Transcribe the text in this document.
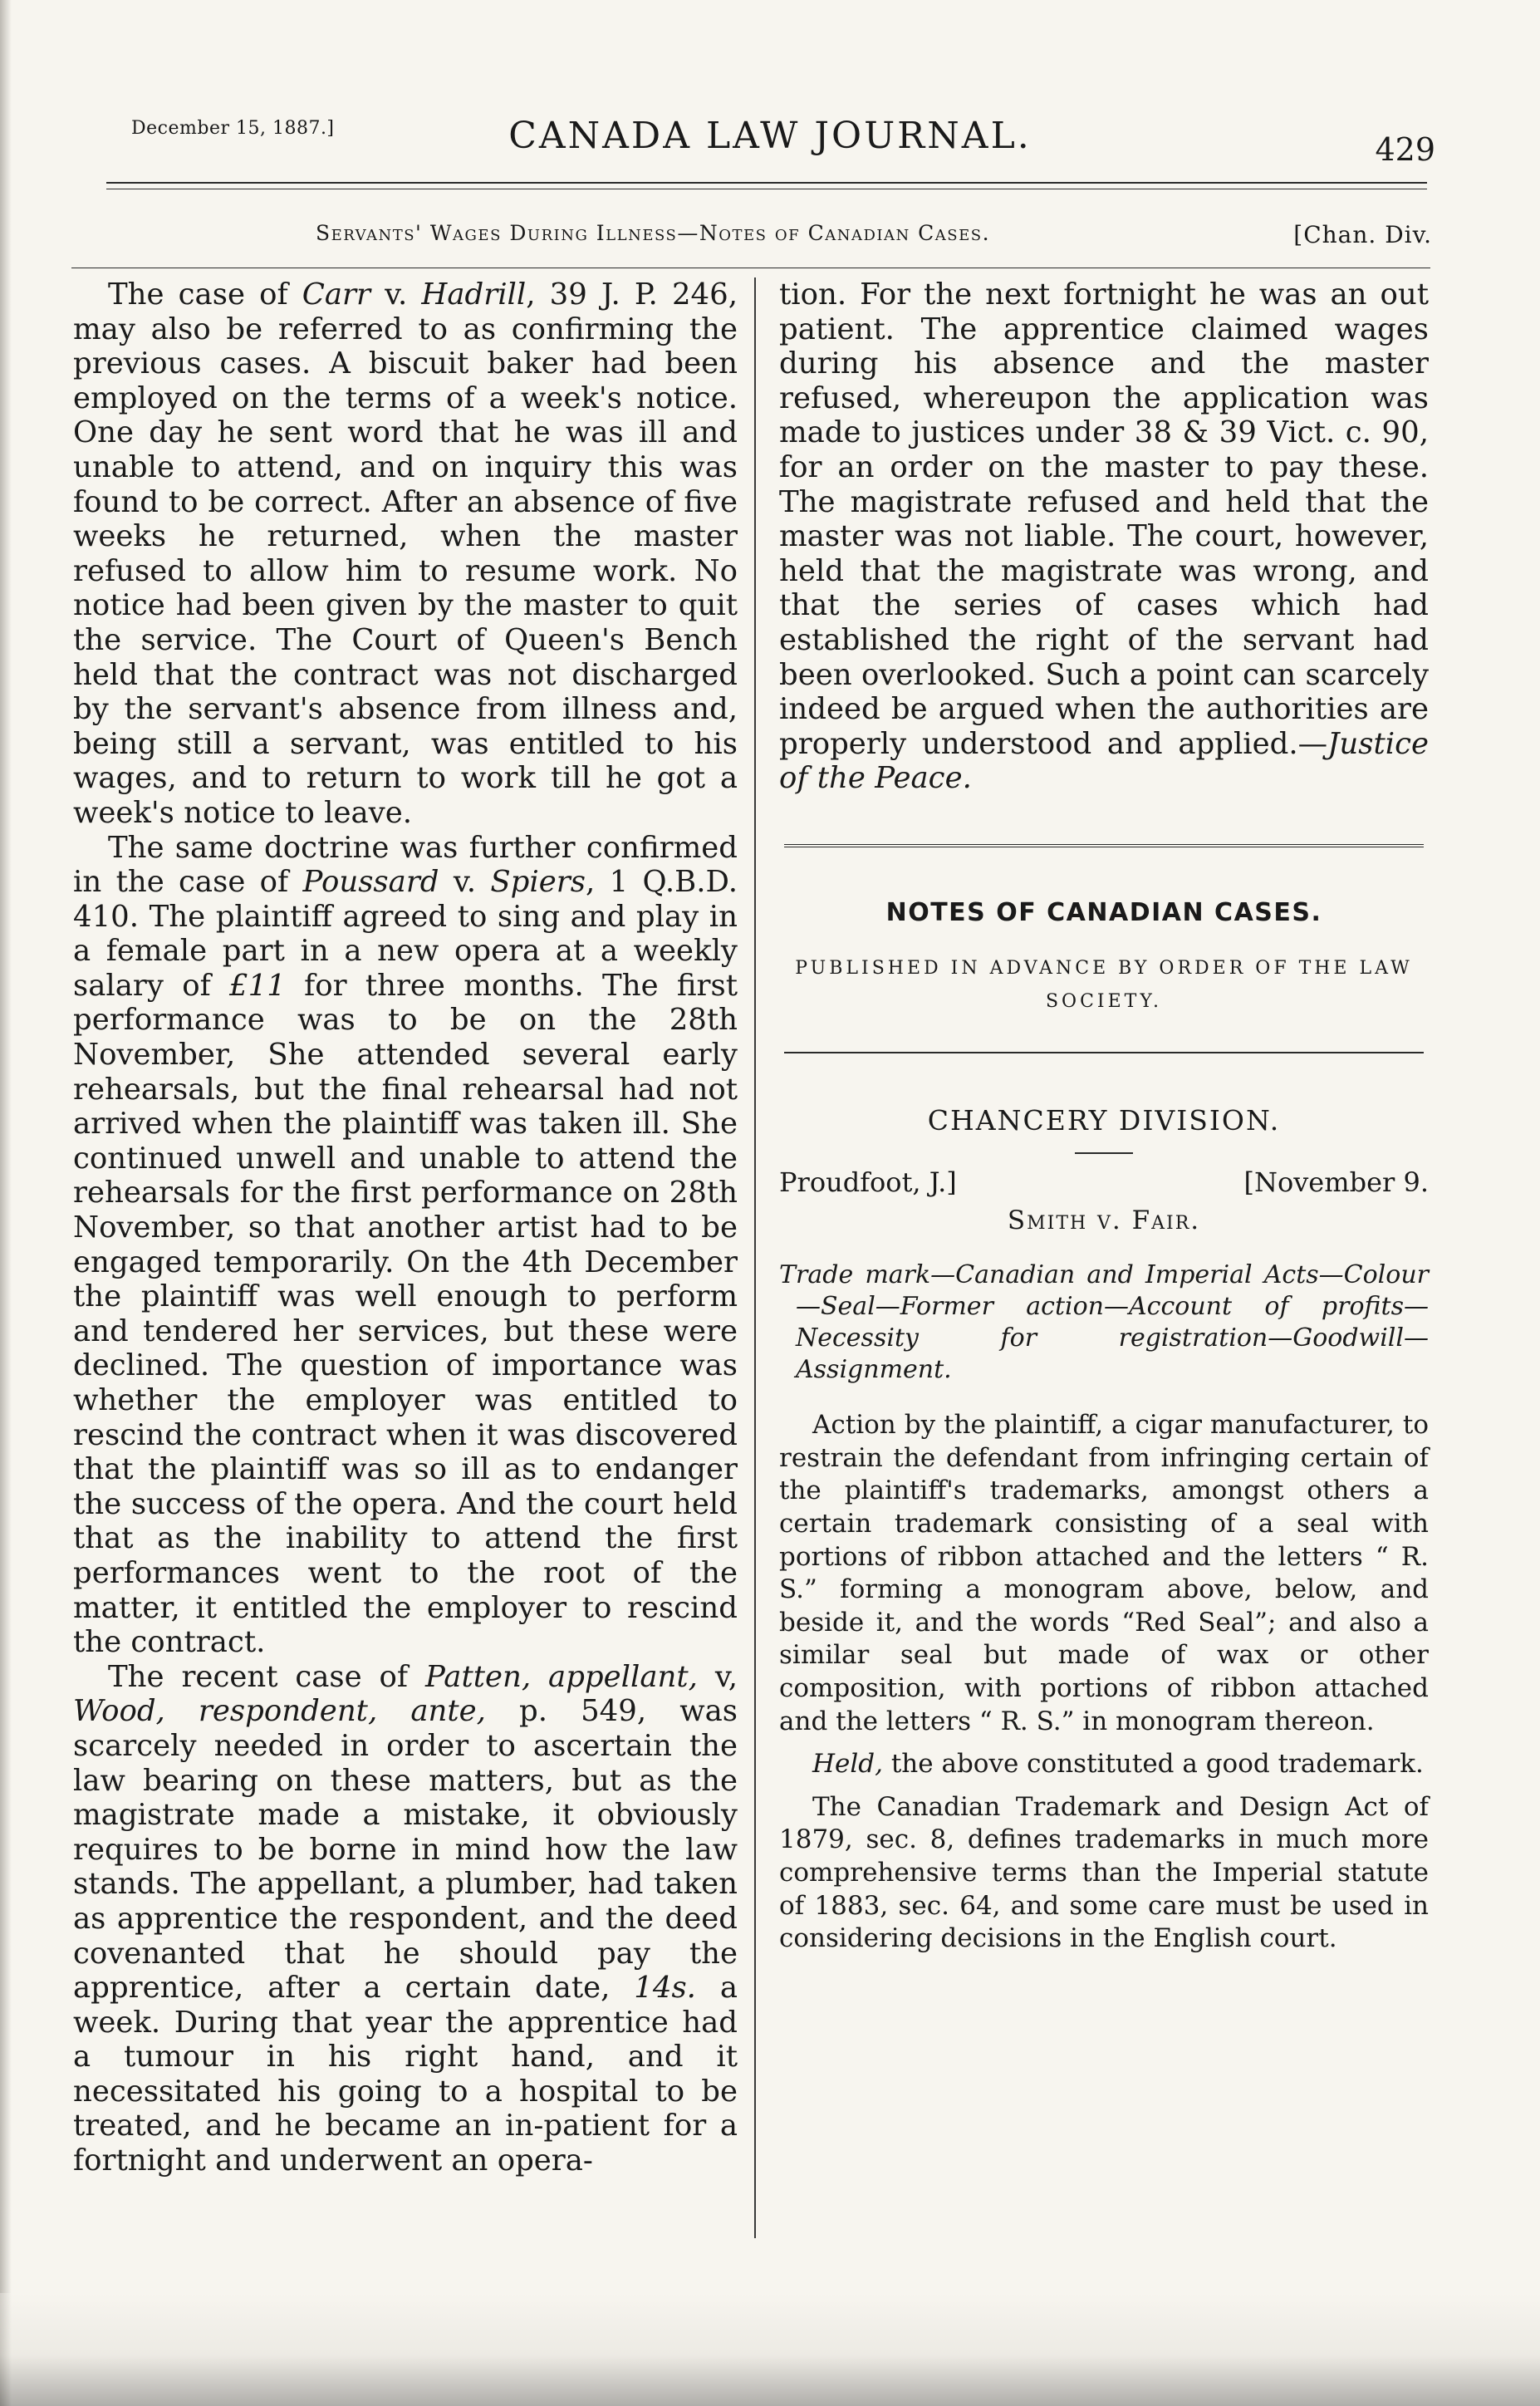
December 15, 1887.]	CANADA LAW JOURNAL.	429
Servants' Wages During Illness—Notes of Canadian Cases.	[Chan. Div.

The case of Carr v. Hadrill, 39 J. P. 246, may also be referred to as confirming the previous cases. A biscuit baker had been employed on the terms of a week's notice. One day he sent word that he was ill and unable to attend, and on inquiry this was found to be correct. After an absence of five weeks he returned, when the master refused to allow him to resume work. No notice had been given by the master to quit the service. The Court of Queen's Bench held that the contract was not discharged by the servant's absence from illness and, being still a servant, was entitled to his wages, and to return to work till he got a week's notice to leave.

The same doctrine was further confirmed in the case of Poussard v. Spiers, 1 Q.B.D. 410. The plaintiff agreed to sing and play in a female part in a new opera at a weekly salary of £11 for three months. The first performance was to be on the 28th November, She attended several early rehearsals, but the final rehearsal had not arrived when the plaintiff was taken ill. She continued unwell and unable to attend the rehearsals for the first performance on 28th November, so that another artist had to be engaged temporarily. On the 4th December the plaintiff was well enough to perform and tendered her services, but these were declined. The question of importance was whether the employer was entitled to rescind the contract when it was discovered that the plaintiff was so ill as to endanger the success of the opera. And the court held that as the inability to attend the first performances went to the root of the matter, it entitled the employer to rescind the contract.

The recent case of Patten, appellant, v, Wood, respondent, ante, p. 549, was scarcely needed in order to ascertain the law bearing on these matters, but as the magistrate made a mistake, it obviously requires to be borne in mind how the law stands. The appellant, a plumber, had taken as apprentice the respondent, and the deed covenanted that he should pay the apprentice, after a certain date, 14s. a week. During that year the apprentice had a tumour in his right hand, and it necessitated his going to a hospital to be treated, and he became an in-patient for a fortnight and underwent an opera-

tion. For the next fortnight he was an out patient. The apprentice claimed wages during his absence and the master refused, whereupon the application was made to justices under 38 & 39 Vict. c. 90, for an order on the master to pay these. The magistrate refused and held that the master was not liable. The court, however, held that the magistrate was wrong, and that the series of cases which had established the right of the servant had been overlooked. Such a point can scarcely indeed be argued when the authorities are properly understood and applied.—Justice of the Peace.

NOTES OF CANADIAN CASES.
PUBLISHED IN ADVANCE BY ORDER OF THE LAW SOCIETY.
CHANCERY DIVISION.
Proudfoot, J.]	[November 9.
Smith v. Fair.
Trade mark—Canadian and Imperial Acts—Colour—Seal—Former action—Account of profits—Necessity for registration—Goodwill—Assignment.

Action by the plaintiff, a cigar manufacturer, to restrain the defendant from infringing certain of the plaintiff's trademarks, amongst others a certain trademark consisting of a seal with portions of ribbon attached and the letters “ R. S.” forming a monogram above, below, and beside it, and the words “Red Seal”; and also a similar seal but made of wax or other composition, with portions of ribbon attached and the letters “ R. S.” in monogram thereon.

Held, the above constituted a good trademark.

The Canadian Trademark and Design Act of 1879, sec. 8, defines trademarks in much more comprehensive terms than the Imperial statute of 1883, sec. 64, and some care must be used in considering decisions in the English court.
